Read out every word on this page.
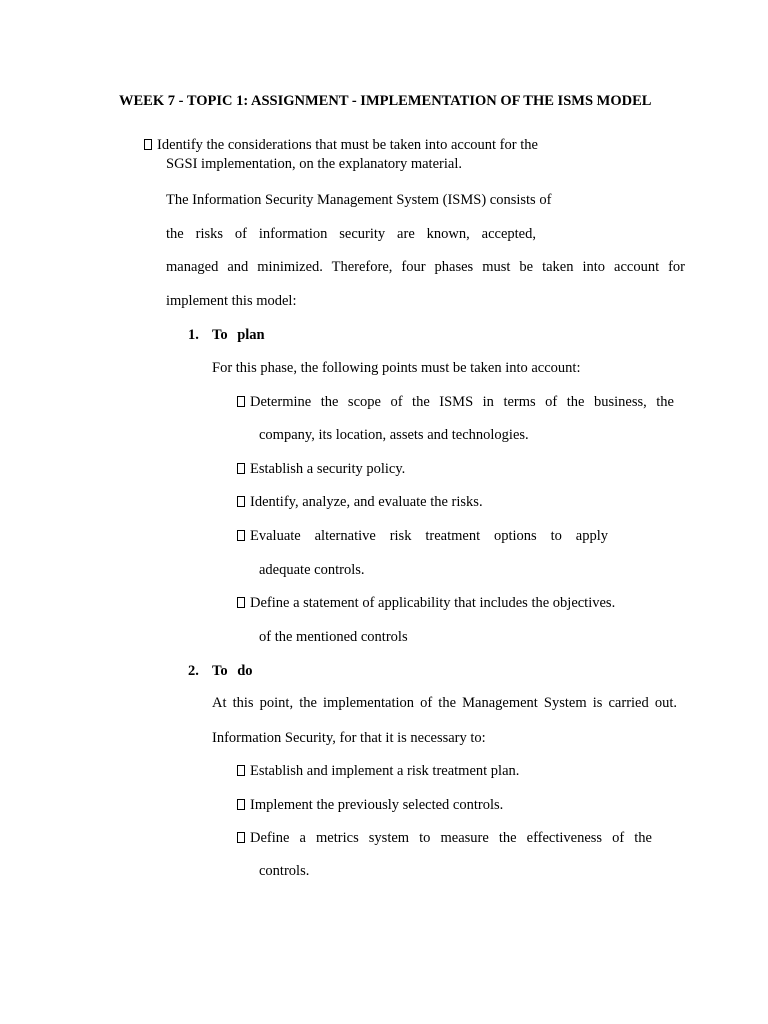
WEEK 7 - TOPIC 1: ASSIGNMENT - IMPLEMENTATION OF THE ISMS MODEL
Identify the considerations that must be taken into account for the
SGSI implementation, on the explanatory material.
The Information Security Management System (ISMS) consists of
the risks of information security are known, accepted,
managed and minimized. Therefore, four phases must be taken into account for
implement this model:
1. To plan
For this phase, the following points must be taken into account:
Determine the scope of the ISMS in terms of the business, the
company, its location, assets and technologies.
Establish a security policy.
Identify, analyze, and evaluate the risks.
Evaluate alternative risk treatment options to apply
adequate controls.
Define a statement of applicability that includes the objectives.
of the mentioned controls
2. To do
At this point, the implementation of the Management System is carried out.
Information Security, for that it is necessary to:
Establish and implement a risk treatment plan.
Implement the previously selected controls.
Define a metrics system to measure the effectiveness of the
controls.
